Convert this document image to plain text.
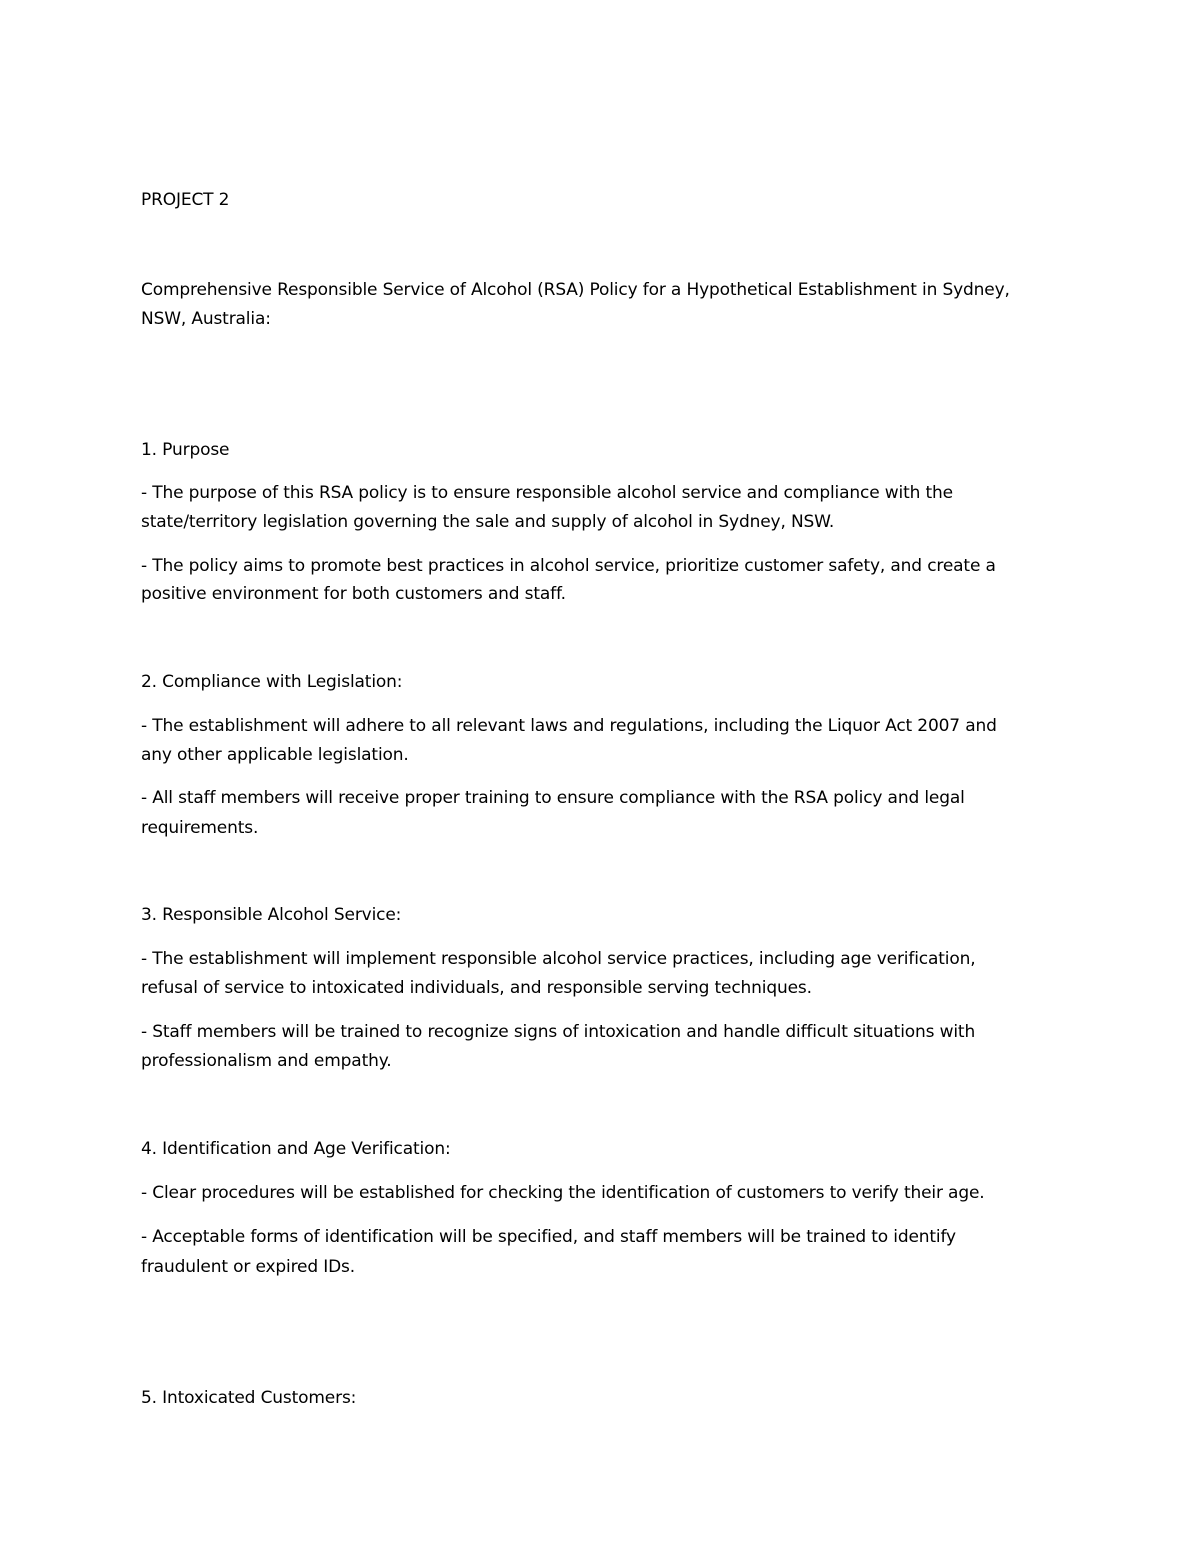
PROJECT 2
Comprehensive Responsible Service of Alcohol (RSA) Policy for a Hypothetical Establishment in Sydney,
NSW, Australia:
1. Purpose
- The purpose of this RSA policy is to ensure responsible alcohol service and compliance with the
state/territory legislation governing the sale and supply of alcohol in Sydney, NSW.
- The policy aims to promote best practices in alcohol service, prioritize customer safety, and create a
positive environment for both customers and staff.
2. Compliance with Legislation:
- The establishment will adhere to all relevant laws and regulations, including the Liquor Act 2007 and
any other applicable legislation.
- All staff members will receive proper training to ensure compliance with the RSA policy and legal
requirements.
3. Responsible Alcohol Service:
- The establishment will implement responsible alcohol service practices, including age verification,
refusal of service to intoxicated individuals, and responsible serving techniques.
- Staff members will be trained to recognize signs of intoxication and handle difficult situations with
professionalism and empathy.
4. Identification and Age Verification:
- Clear procedures will be established for checking the identification of customers to verify their age.
- Acceptable forms of identification will be specified, and staff members will be trained to identify
fraudulent or expired IDs.
5. Intoxicated Customers:
